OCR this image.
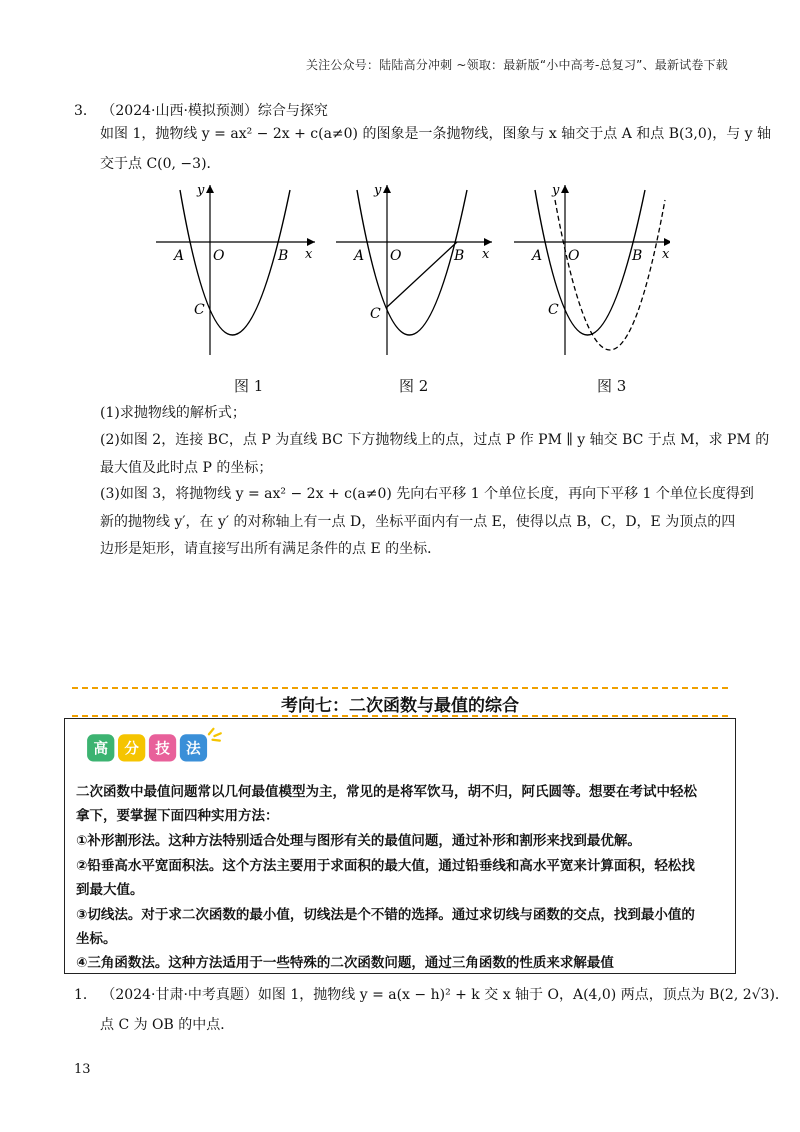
关注公众号：陆陆高分冲刺 ~领取：最新版“小中高考-总复习”、最新试卷下载
3． （2024·山西·模拟预测）综合与探究
如图 1，抛物线 y = ax² − 2x + c(a≠0) 的图象是一条抛物线，图象与 x 轴交于点 A 和点 B(3,0)，与 y 轴
交于点 C(0, −3)．
y
x
A O	B
C
y
x
A O	B
C
y
x
A O	B
C
图 1	图 2	图 3
(1)求抛物线的解析式；
(2)如图 2，连接 BC，点 P 为直线 BC 下方抛物线上的点，过点 P 作 PM ∥ y 轴交 BC 于点 M，求 PM 的
最大值及此时点 P 的坐标；
(3)如图 3，将抛物线 y = ax² − 2x + c(a≠0) 先向右平移 1 个单位长度，再向下平移 1 个单位长度得到
新的抛物线 y′，在 y′ 的对称轴上有一点 D，坐标平面内有一点 E，使得以点 B，C，D，E 为顶点的四
边形是矩形，请直接写出所有满足条件的点 E 的坐标．
考向七：二次函数与最值的综合
高 分 技 法
二次函数中最值问题常以几何最值模型为主，常见的是将军饮马，胡不归，阿氏圆等。想要在考试中轻松
拿下，要掌握下面四种实用方法：
①补形割形法。这种方法特别适合处理与图形有关的最值问题，通过补形和割形来找到最优解。
②铅垂高水平宽面积法。这个方法主要用于求面积的最大值，通过铅垂线和高水平宽来计算面积，轻松找
到最大值。
③切线法。对于求二次函数的最小值，切线法是个不错的选择。通过求切线与函数的交点，找到最小值的
坐标。
④三角函数法。这种方法适用于一些特殊的二次函数问题，通过三角函数的性质来求解最值
1． （2024·甘肃·中考真题）如图 1，抛物线 y = a(x − h)² + k 交 x 轴于 O，A(4,0) 两点，顶点为 B(2, 2√3)．
点 C 为 OB 的中点．
13
